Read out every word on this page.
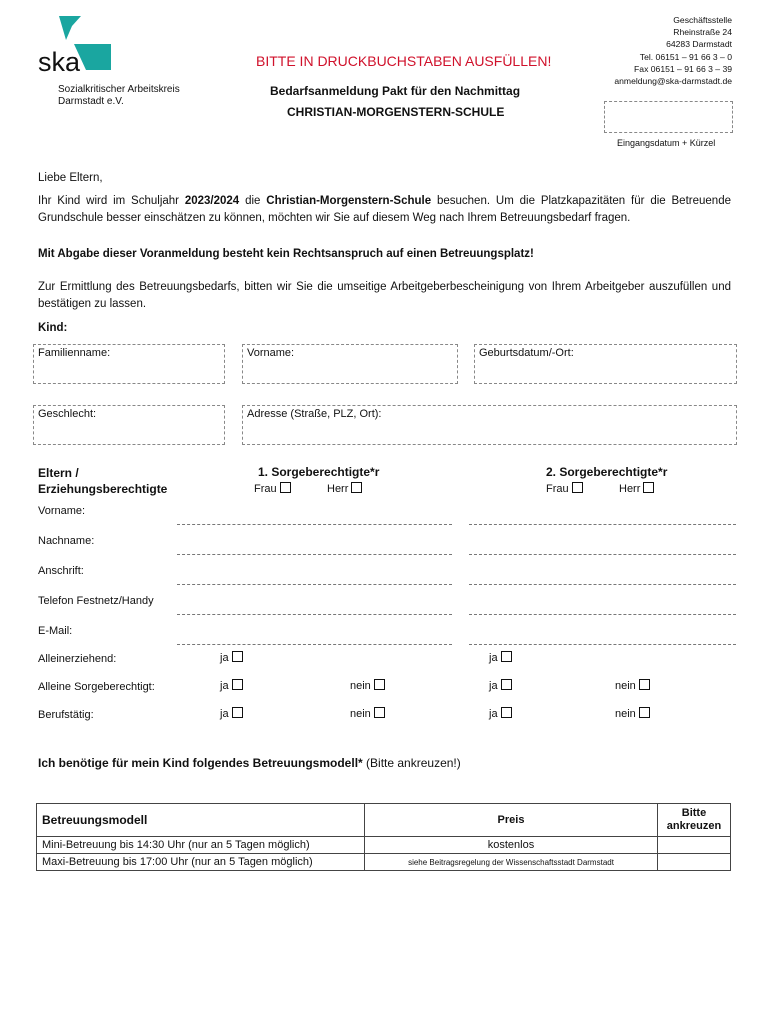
ska
Sozialkritischer Arbeitskreis
Darmstadt e.V.
BITTE IN DRUCKBUCHSTABEN AUSFÜLLEN!
Bedarfsanmeldung Pakt für den Nachmittag
CHRISTIAN-MORGENSTERN-SCHULE
Geschäftsstelle
Rheinstraße 24
64283 Darmstadt
Tel. 06151 – 91 66 3 – 0
Fax 06151 – 91 66 3 – 39
anmeldung@ska-darmstadt.de
Eingangsdatum + Kürzel

Liebe Eltern,

Ihr Kind wird im Schuljahr 2023/2024 die Christian-Morgenstern-Schule besuchen. Um die Platzkapazitäten für die Betreuende Grundschule besser einschätzen zu können, möchten wir Sie auf diesem Weg nach Ihrem Betreuungsbedarf fragen.

Mit Abgabe dieser Voranmeldung besteht kein Rechtsanspruch auf einen Betreuungsplatz!

Zur Ermittlung des Betreuungsbedarfs, bitten wir Sie die umseitige Arbeitgeberbescheinigung von Ihrem Arbeitgeber auszufüllen und bestätigen zu lassen.

Kind:
Familienname:	Vorname:	Geburtsdatum/-Ort:
Geschlecht:	Adresse (Straße, PLZ, Ort):
Eltern /
Erziehungsberechtigte
1. Sorgeberechtigte*r
Frau	Herr
2. Sorgeberechtigte*r
Frau	Herr
Vorname:
Nachname:
Anschrift:
Telefon Festnetz/Handy
E-Mail:
Alleinerziehend:	ja	ja
Alleine Sorgeberechtigt:	ja	nein	ja	nein
Berufstätig:	ja	nein	ja	nein
Ich benötige für mein Kind folgendes Betreuungsmodell* (Bitte ankreuzen!)
Betreuungsmodell	Preis	Bitte ankreuzen
Mini-Betreuung bis 14:30 Uhr (nur an 5 Tagen möglich)	kostenlos	
Maxi-Betreuung bis 17:00 Uhr (nur an 5 Tagen möglich)	siehe Beitragsregelung der Wissenschaftsstadt Darmstadt	
